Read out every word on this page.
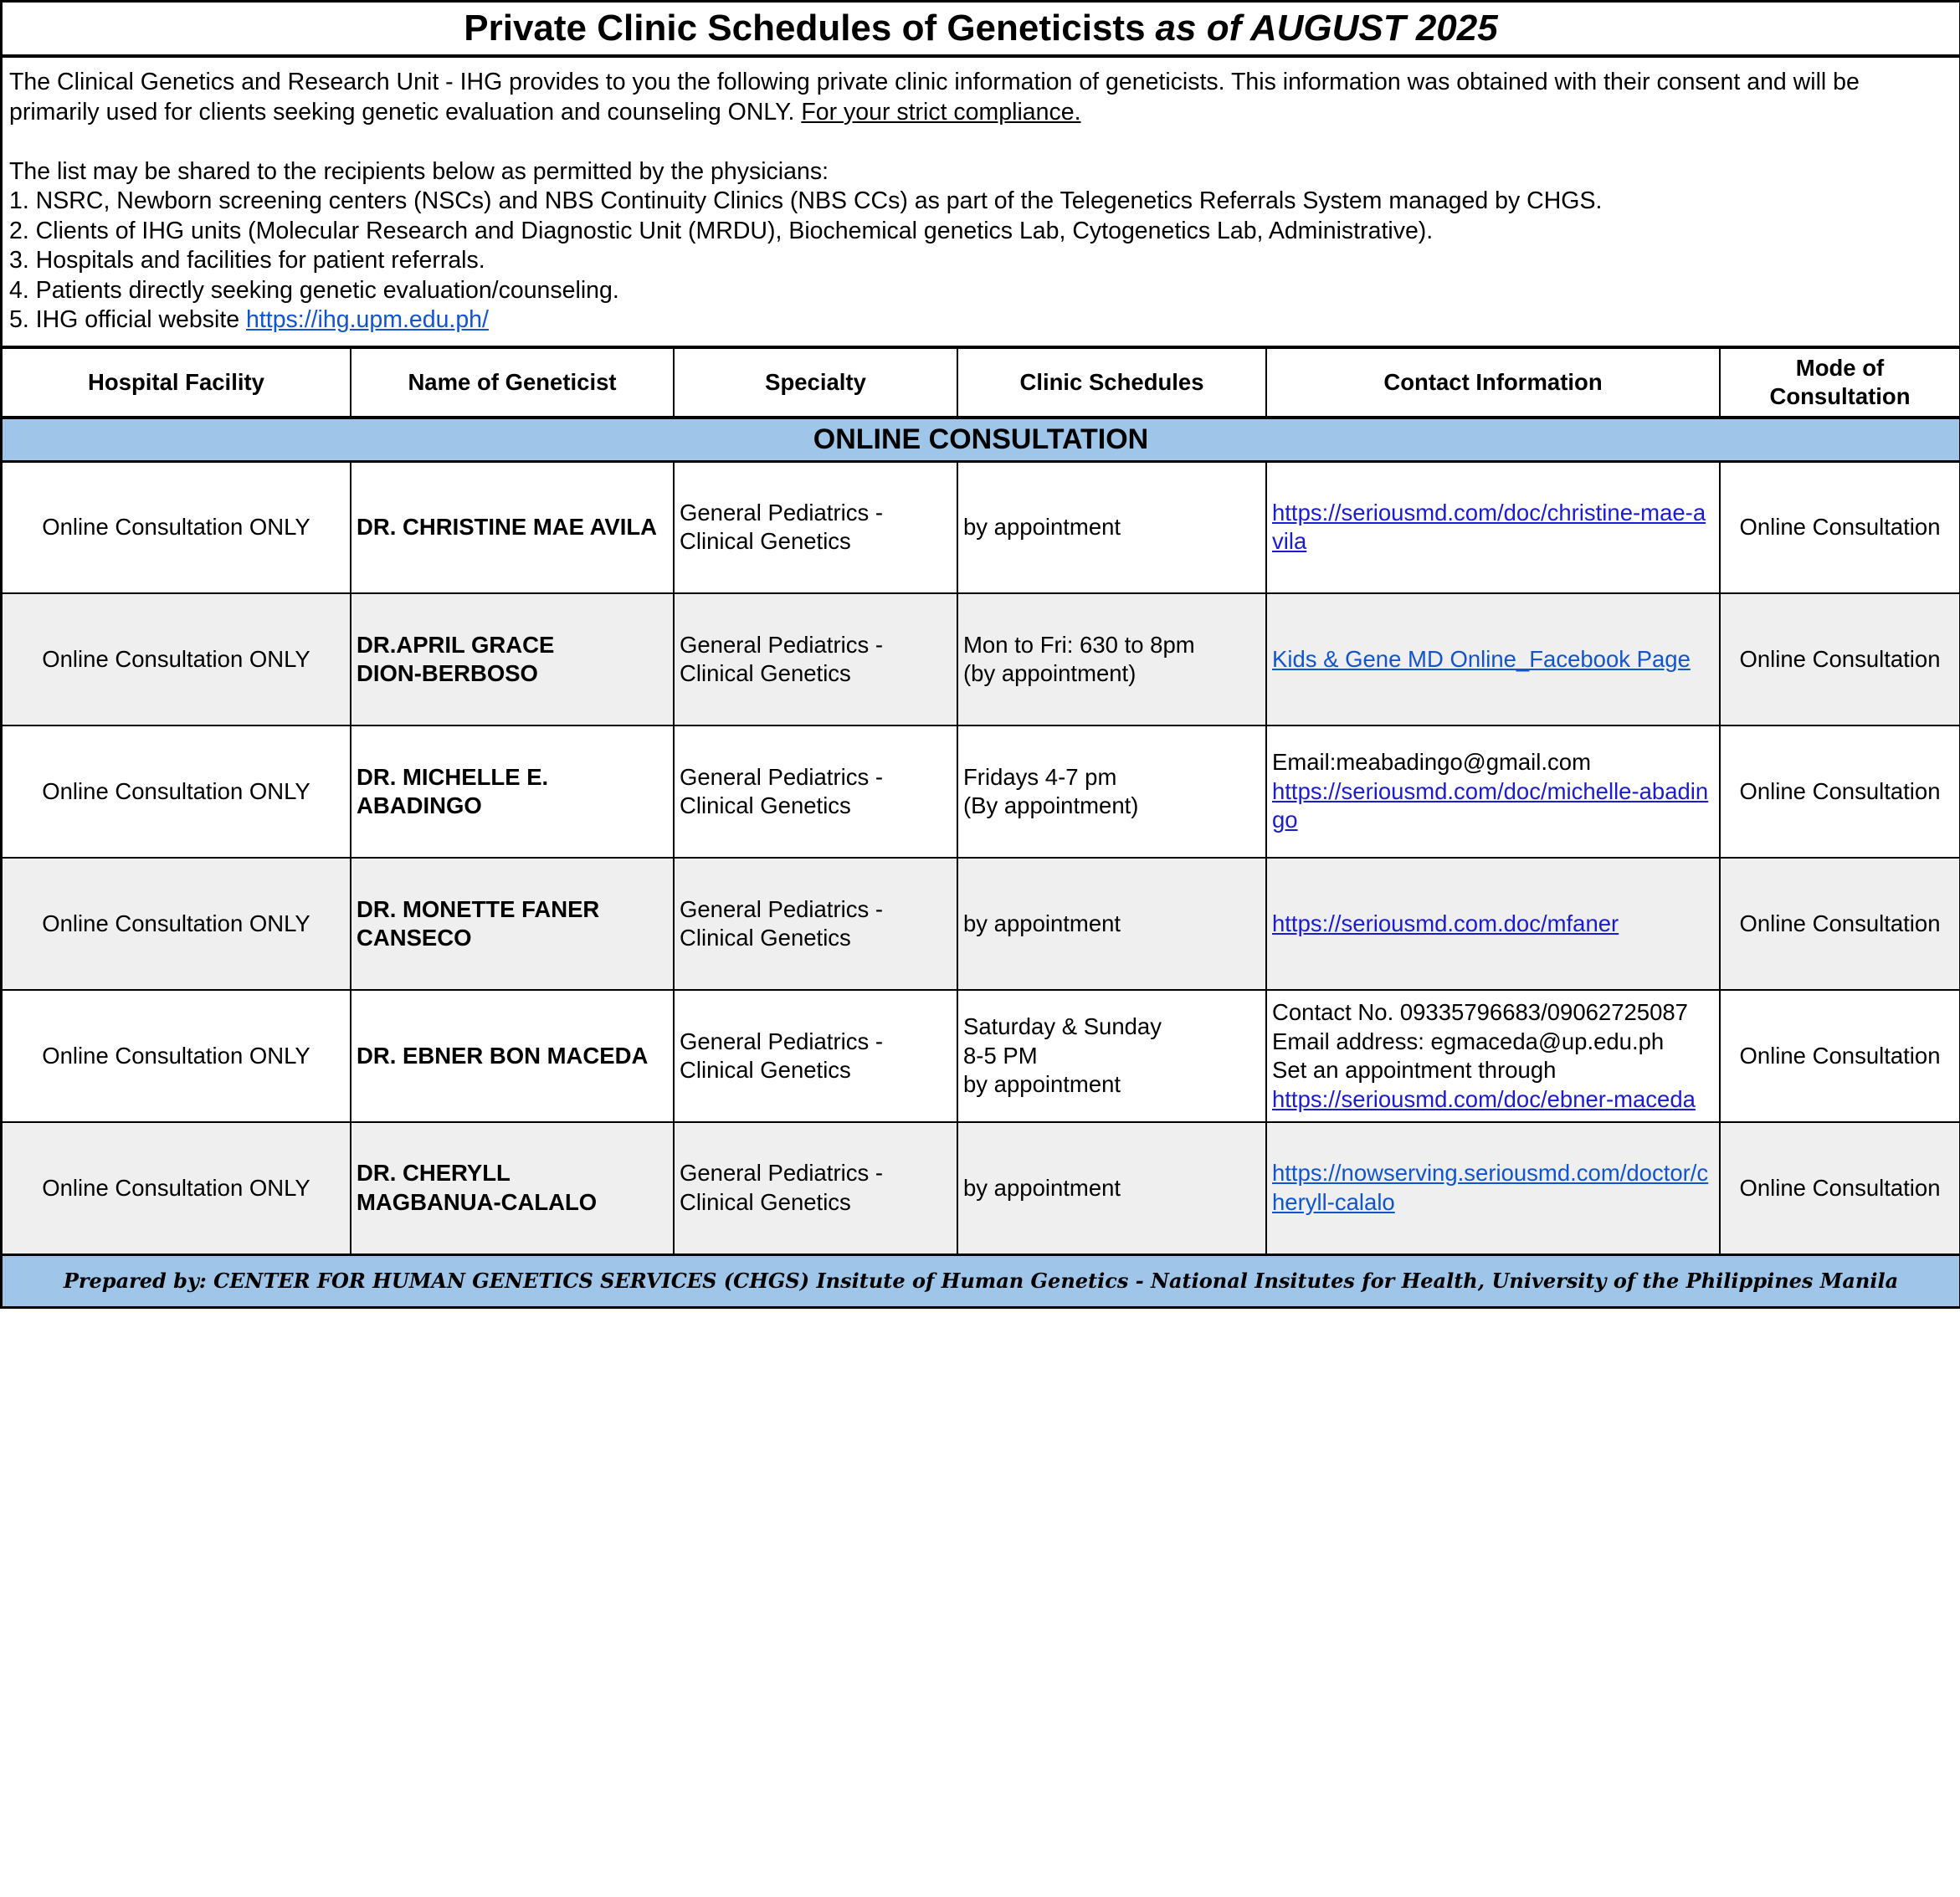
Private Clinic Schedules of Geneticists as of AUGUST 2025

The Clinical Genetics and Research Unit - IHG provides to you the following private clinic information of geneticists. This information was obtained with their consent and will be primarily used for clients seeking genetic evaluation and counseling ONLY. For your strict compliance.

The list may be shared to the recipients below as permitted by the physicians:

1. NSRC, Newborn screening centers (NSCs) and NBS Continuity Clinics (NBS CCs) as part of the Telegenetics Referrals System managed by CHGS.

2. Clients of IHG units (Molecular Research and Diagnostic Unit (MRDU), Biochemical genetics Lab, Cytogenetics Lab, Administrative).

3. Hospitals and facilities for patient referrals.

4. Patients directly seeking genetic evaluation/counseling.

5. IHG official website https://ihg.upm.edu.ph/

Hospital Facility	Name of Geneticist	Specialty	Clinic Schedules	Contact Information	Mode of Consultation
ONLINE CONSULTATION					
Online Consultation ONLY	DR. CHRISTINE MAE AVILA	General Pediatrics -
Clinical Genetics	by appointment	https://seriousmd.com/doc/christine-mae-avila	Online Consultation
Online Consultation ONLY	DR.APRIL GRACE
DION-BERBOSO	General Pediatrics -
Clinical Genetics	Mon to Fri: 630 to 8pm
(by appointment)	Kids & Gene MD Online_Facebook Page	Online Consultation
Online Consultation ONLY	DR. MICHELLE E.
ABADINGO	General Pediatrics -
Clinical Genetics	Fridays 4-7 pm
(By appointment)	Email:meabadingo@gmail.com
https://seriousmd.com/doc/michelle-abadingo	Online Consultation
Online Consultation ONLY	DR. MONETTE FANER
CANSECO	General Pediatrics -
Clinical Genetics	by appointment	https://seriousmd.com.doc/mfaner	Online Consultation
Online Consultation ONLY	DR. EBNER BON MACEDA	General Pediatrics -
Clinical Genetics	Saturday & Sunday
8-5 PM
by appointment	Contact No. 09335796683/09062725087
Email address: egmaceda@up.edu.ph
Set an appointment through
https://seriousmd.com/doc/ebner-maceda	Online Consultation
Online Consultation ONLY	DR. CHERYLL
MAGBANUA-CALALO	General Pediatrics -
Clinical Genetics	by appointment	https://nowserving.seriousmd.com/doctor/cheryll-calalo	Online Consultation
Prepared by: CENTER FOR HUMAN GENETICS SERVICES (CHGS) Insitute of Human Genetics - National Insitutes for Health, University of the Philippines Manila					
